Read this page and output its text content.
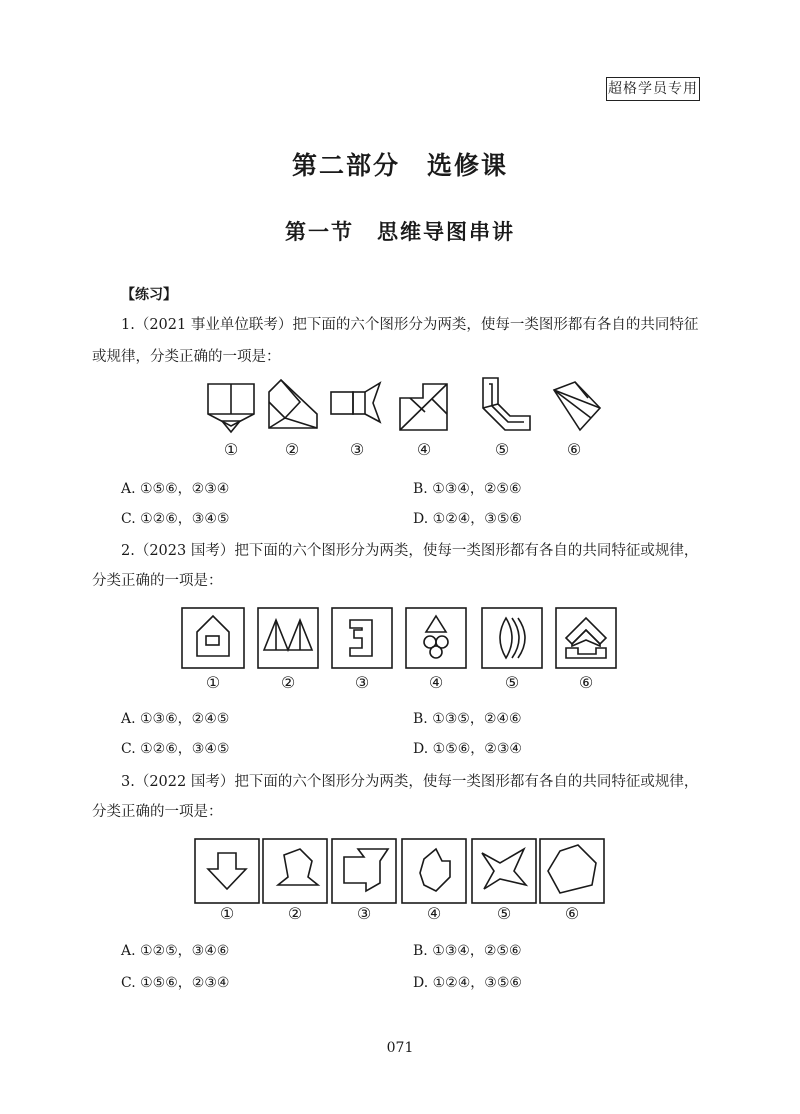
超格学员专用
第二部分　选修课
第一节　思维导图串讲
【练习】
1.（2021 事业单位联考）把下面的六个图形分为两类，使每一类图形都有各自的共同特征
或规律，分类正确的一项是：
①	②	③	④	⑤	⑥
A. ①⑤⑥，②③④	B. ①③④，②⑤⑥
C. ①②⑥，③④⑤	D. ①②④，③⑤⑥
2.（2023 国考）把下面的六个图形分为两类，使每一类图形都有各自的共同特征或规律，
分类正确的一项是：
①	②	③	④	⑤	⑥
A. ①③⑥，②④⑤	B. ①③⑤，②④⑥
C. ①②⑥，③④⑤	D. ①⑤⑥，②③④
3.（2022 国考）把下面的六个图形分为两类，使每一类图形都有各自的共同特征或规律，
分类正确的一项是：
①	②	③	④	⑤	⑥
A. ①②⑤，③④⑥	B. ①③④，②⑤⑥
C. ①⑤⑥，②③④	D. ①②④，③⑤⑥
071
